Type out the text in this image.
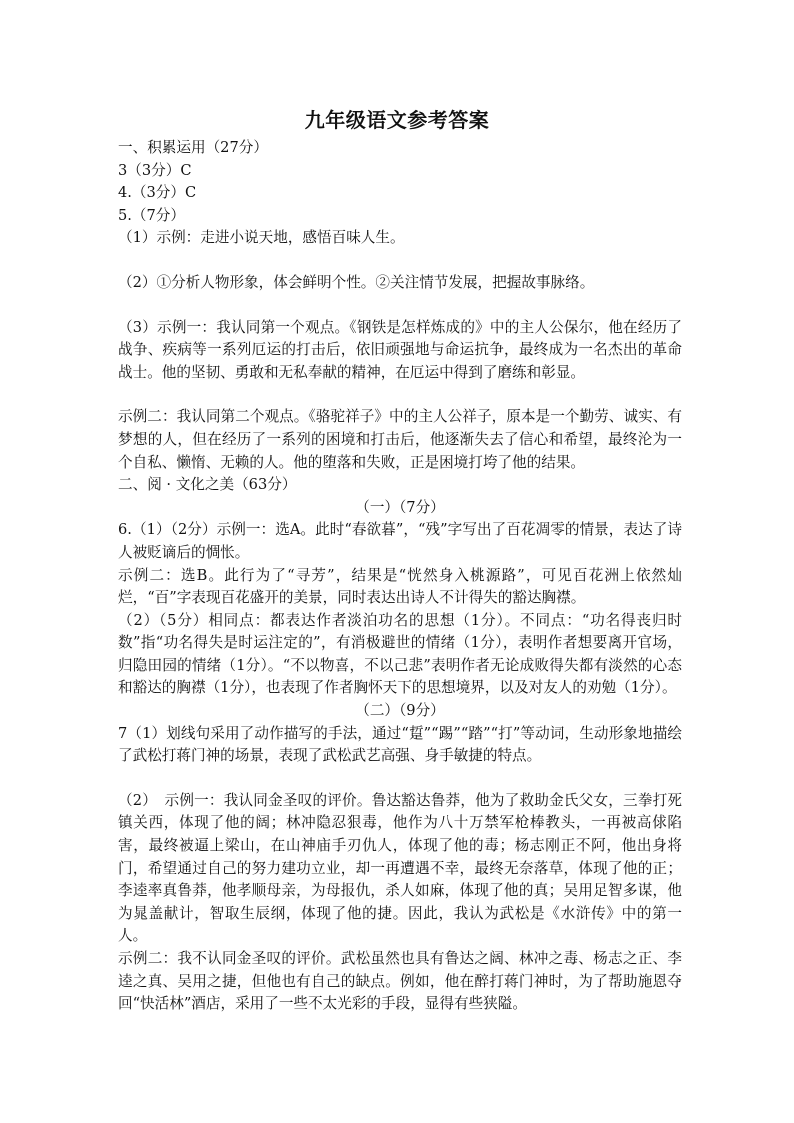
九年级语文参考答案
一、积累运用（27分）
3（3分）C
4.（3分）C
5.（7分）
（1）示例：走进小说天地，感悟百味人生。
（2）①分析人物形象，体会鲜明个性。②关注情节发展，把握故事脉络。
（3）示例一：我认同第一个观点。《钢铁是怎样炼成的》中的主人公保尔，他在经历了战争、疾病等一系列厄运的打击后，依旧顽强地与命运抗争，最终成为一名杰出的革命战士。他的坚韧、勇敢和无私奉献的精神，在厄运中得到了磨练和彰显。
示例二：我认同第二个观点。《骆驼祥子》中的主人公祥子，原本是一个勤劳、诚实、有梦想的人，但在经历了一系列的困境和打击后，他逐渐失去了信心和希望，最终沦为一个自私、懒惰、无赖的人。他的堕落和失败，正是困境打垮了他的结果。
二、阅 · 文化之美（63分）
（一）（7分）
6.（1）（2分）示例一：选A。此时“春欲暮”，“残”字写出了百花凋零的情景，表达了诗人被贬谪后的惆怅。
示例二：选B。此行为了“寻芳”，结果是“恍然身入桃源路”，可见百花洲上依然灿烂，“百”字表现百花盛开的美景，同时表达出诗人不计得失的豁达胸襟。
（2）（5分）相同点：都表达作者淡泊功名的思想（1分）。不同点：“功名得丧归时数”指“功名得失是时运注定的”，有消极避世的情绪（1分），表明作者想要离开官场，归隐田园的情绪（1分）。“不以物喜，不以己悲”表明作者无论成败得失都有淡然的心态和豁达的胸襟（1分），也表现了作者胸怀天下的思想境界，以及对友人的劝勉（1分）。
（二）（9分）
7（1）划线句采用了动作描写的手法，通过“踅”“踢”“踏”“打”等动词，生动形象地描绘了武松打蒋门神的场景，表现了武松武艺高强、身手敏捷的特点。
（2）　示例一：我认同金圣叹的评价。鲁达豁达鲁莽，他为了救助金氏父女，三拳打死镇关西，体现了他的阔；林冲隐忍狠毒，他作为八十万禁军枪棒教头，一再被高俅陷害，最终被逼上梁山，在山神庙手刃仇人，体现了他的毒；杨志刚正不阿，他出身将门，希望通过自己的努力建功立业，却一再遭遇不幸，最终无奈落草，体现了他的正；李逵率真鲁莽，他孝顺母亲，为母报仇，杀人如麻，体现了他的真；吴用足智多谋，他为晁盖献计，智取生辰纲，体现了他的捷。因此，我认为武松是《水浒传》中的第一人。
示例二：我不认同金圣叹的评价。武松虽然也具有鲁达之阔、林冲之毒、杨志之正、李逵之真、吴用之捷，但他也有自己的缺点。例如，他在醉打蒋门神时，为了帮助施恩夺回“快活林”酒店，采用了一些不太光彩的手段，显得有些狭隘。
